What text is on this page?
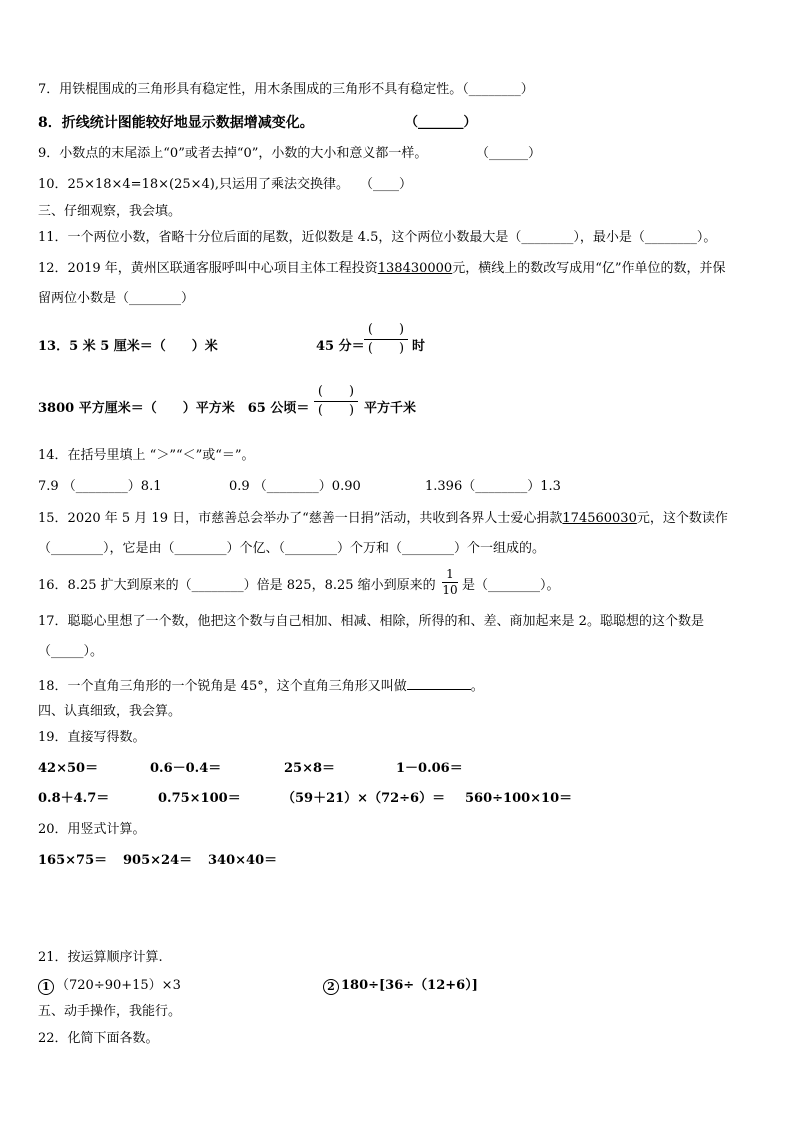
7．用铁棍围成的三角形具有稳定性，用木条围成的三角形不具有稳定性。（________）
8．折线统计图能较好地显示数据增减变化。	（_______）
9．小数点的末尾添上“0”或者去掉“0”，小数的大小和意义都一样。	（______）
10．25×18×4=18×(25×4),只运用了乘法交换律。 （____）
三、仔细观察，我会填。
11．一个两位小数，省略十分位后面的尾数，近似数是 4.5，这个两位小数最大是（________），最小是（________）。
12．2019 年，黄州区联通客服呼叫中心项目主体工程投资138430000元，横线上的数改写成用“亿”作单位的数，并保
留两位小数是（________）
13．5 米 5 厘米＝（　　）米	45 分＝
(　　)
(　　) 时
3800 平方厘米＝（　　）平方米　65 公顷＝
(　　)
(　　) 平方千米
14．在括号里填上 “＞”“＜”或“＝”。
7.9 （________）8.1	0.9 （________）0.90	1.396（________）1.3
15．2020 年 5 月 19 日，市慈善总会举办了“慈善一日捐”活动，共收到各界人士爱心捐款174560030元，这个数读作
（________），它是由（________）个亿、（________）个万和（________）个一组成的。
16．8.25 扩大到原来的（________）倍是 825，8.25 缩小到原来的
1
10 是（________）。
17．聪聪心里想了一个数，他把这个数与自己相加、相减、相除，所得的和、差、商加起来是 2。聪聪想的这个数是
（_____）。
18．一个直角三角形的一个锐角是 45°，这个直角三角形又叫做	。
四、认真细致，我会算。
19．直接写得数。
42×50＝	0.6－0.4＝	25×8＝	1－0.06＝
0.8＋4.7＝	0.75×100＝	（59＋21）×（72÷6）＝ 560÷100×10＝
20．用竖式计算。
165×75＝ 905×24＝ 340×40＝
21．按运算顺序计算.
1 （720÷90+15）×3	2 180÷[36÷（12+6）]
五、动手操作，我能行。
22．化简下面各数。
